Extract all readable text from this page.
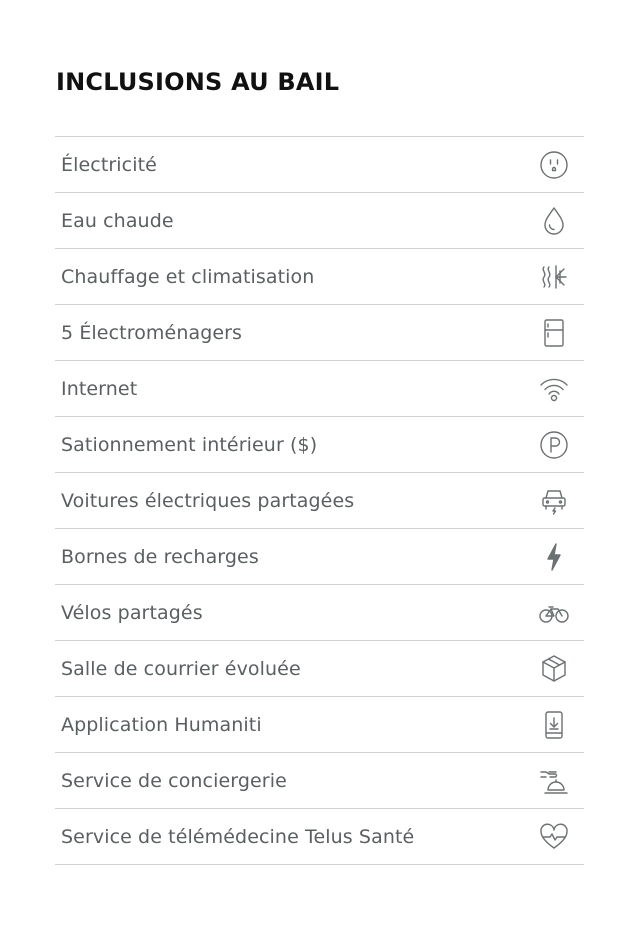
INCLUSIONS AU BAIL
Électricité
Eau chaude
Chauffage et climatisation
5 Électroménagers
Internet
Sationnement intérieur ($)
Voitures électriques partagées
Bornes de recharges
Vélos partagés
Salle de courrier évoluée
Application Humaniti
Service de conciergerie
Service de télémédecine Telus Santé
